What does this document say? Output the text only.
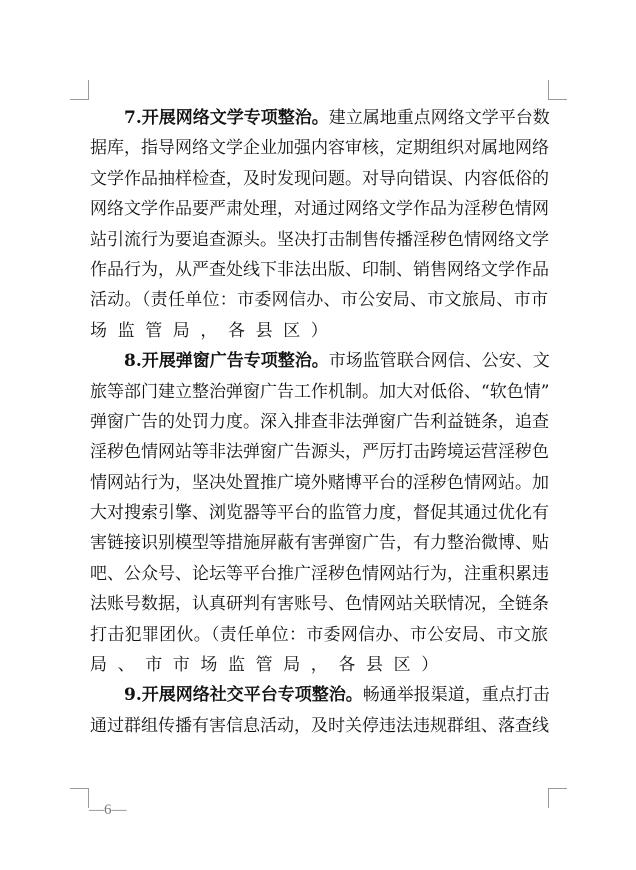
7.开展网络文学专项整治。建立属地重点网络文学平台数
据库，指导网络文学企业加强内容审核，定期组织对属地网络
文学作品抽样检查，及时发现问题。对导向错误、内容低俗的
网络文学作品要严肃处理，对通过网络文学作品为淫秽色情网
站引流行为要追查源头。坚决打击制售传播淫秽色情网络文学
作品行为，从严查处线下非法出版、印制、销售网络文学作品
活动。（责任单位：市委网信办、市公安局、市文旅局、市市
场监管局，各县区）
8.开展弹窗广告专项整治。市场监管联合网信、公安、文
旅等部门建立整治弹窗广告工作机制。加大对低俗、“软色情”
弹窗广告的处罚力度。深入排查非法弹窗广告利益链条，追查
淫秽色情网站等非法弹窗广告源头，严厉打击跨境运营淫秽色
情网站行为，坚决处置推广境外赌博平台的淫秽色情网站。加
大对搜索引擎、浏览器等平台的监管力度，督促其通过优化有
害链接识别模型等措施屏蔽有害弹窗广告，有力整治微博、贴
吧、公众号、论坛等平台推广淫秽色情网站行为，注重积累违
法账号数据，认真研判有害账号、色情网站关联情况，全链条
打击犯罪团伙。（责任单位：市委网信办、市公安局、市文旅
局、市市场监管局，各县区）
9.开展网络社交平台专项整治。畅通举报渠道，重点打击
通过群组传播有害信息活动，及时关停违法违规群组、落查线
—6—
